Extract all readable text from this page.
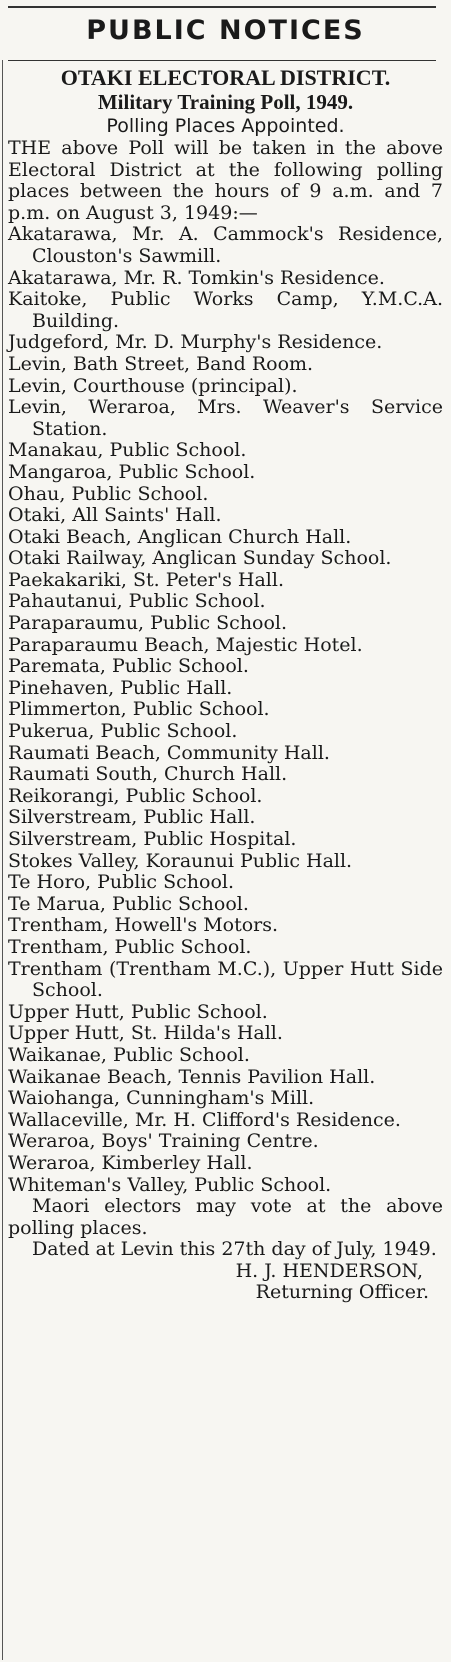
PUBLIC NOTICES
OTAKI ELECTORAL DISTRICT.
Military Training Poll, 1949.
Polling Places Appointed.

THE above Poll will be taken in the above Electoral District at the following polling places between the hours of 9 a.m. and 7 p.m. on August 3, 1949:—

Akatarawa, Mr. A. Cammock's Residence, Clouston's Sawmill.

Akatarawa, Mr. R. Tomkin's Residence.

Kaitoke, Public Works Camp, Y.M.C.A. Building.

Judgeford, Mr. D. Murphy's Residence.

Levin, Bath Street, Band Room.

Levin, Courthouse (principal).

Levin, Weraroa, Mrs. Weaver's Service Station.

Manakau, Public School.

Mangaroa, Public School.

Ohau, Public School.

Otaki, All Saints' Hall.

Otaki Beach, Anglican Church Hall.

Otaki Railway, Anglican Sunday School.

Paekakariki, St. Peter's Hall.

Pahautanui, Public School.

Paraparaumu, Public School.

Paraparaumu Beach, Majestic Hotel.

Paremata, Public School.

Pinehaven, Public Hall.

Plimmerton, Public School.

Pukerua, Public School.

Raumati Beach, Community Hall.

Raumati South, Church Hall.

Reikorangi, Public School.

Silverstream, Public Hall.

Silverstream, Public Hospital.

Stokes Valley, Koraunui Public Hall.

Te Horo, Public School.

Te Marua, Public School.

Trentham, Howell's Motors.

Trentham, Public School.

Trentham (Trentham M.C.), Upper Hutt Side School.

Upper Hutt, Public School.

Upper Hutt, St. Hilda's Hall.

Waikanae, Public School.

Waikanae Beach, Tennis Pavilion Hall.

Waiohanga, Cunningham's Mill.

Wallaceville, Mr. H. Clifford's Residence.

Weraroa, Boys' Training Centre.

Weraroa, Kimberley Hall.

Whiteman's Valley, Public School.

Maori electors may vote at the above polling places.

Dated at Levin this 27th day of July, 1949.

H. J. HENDERSON,

Returning Officer.
